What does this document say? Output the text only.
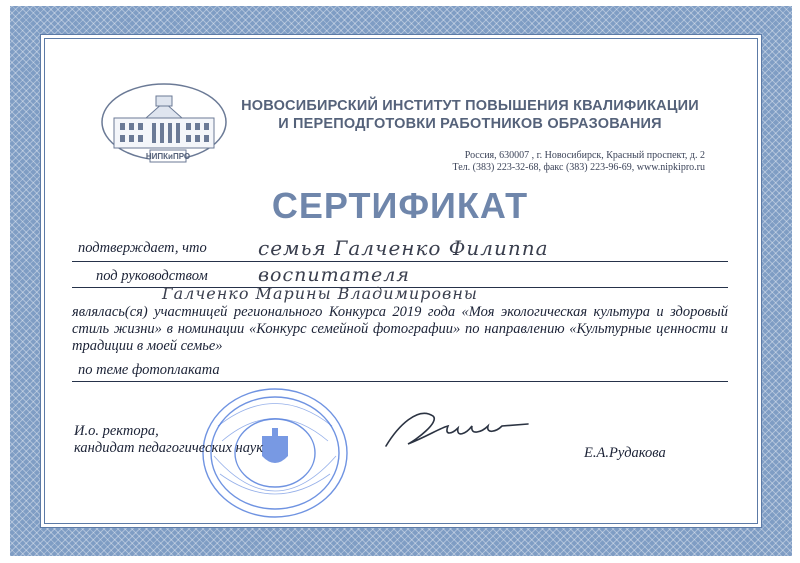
НИПКиПРО
НОВОСИБИРСКИЙ ИНСТИТУТ ПОВЫШЕНИЯ КВАЛИФИКАЦИИ
И ПЕРЕПОДГОТОВКИ РАБОТНИКОВ ОБРАЗОВАНИЯ
Россия, 630007 , г. Новосибирск, Красный проспект, д. 2
Тел. (383) 223-32-68, факс (383) 223-96-69, www.nipkipro.ru
СЕРТИФИКАТ
подтверждает, что	семья Галченко Филиппа
под руководством	воспитателя
Галченко Марины Владимировны
являлась(ся) участницей регионального Конкурса 2019 года «Моя экологическая культура и здоровый стиль жизни» в номинации «Конкурс семейной фотографии» по направлению «Культурные ценности и традиции в моей семье»
по теме фотоплаката
И.о. ректора,
кандидат педагогических наук	Е.А.Рудакова
